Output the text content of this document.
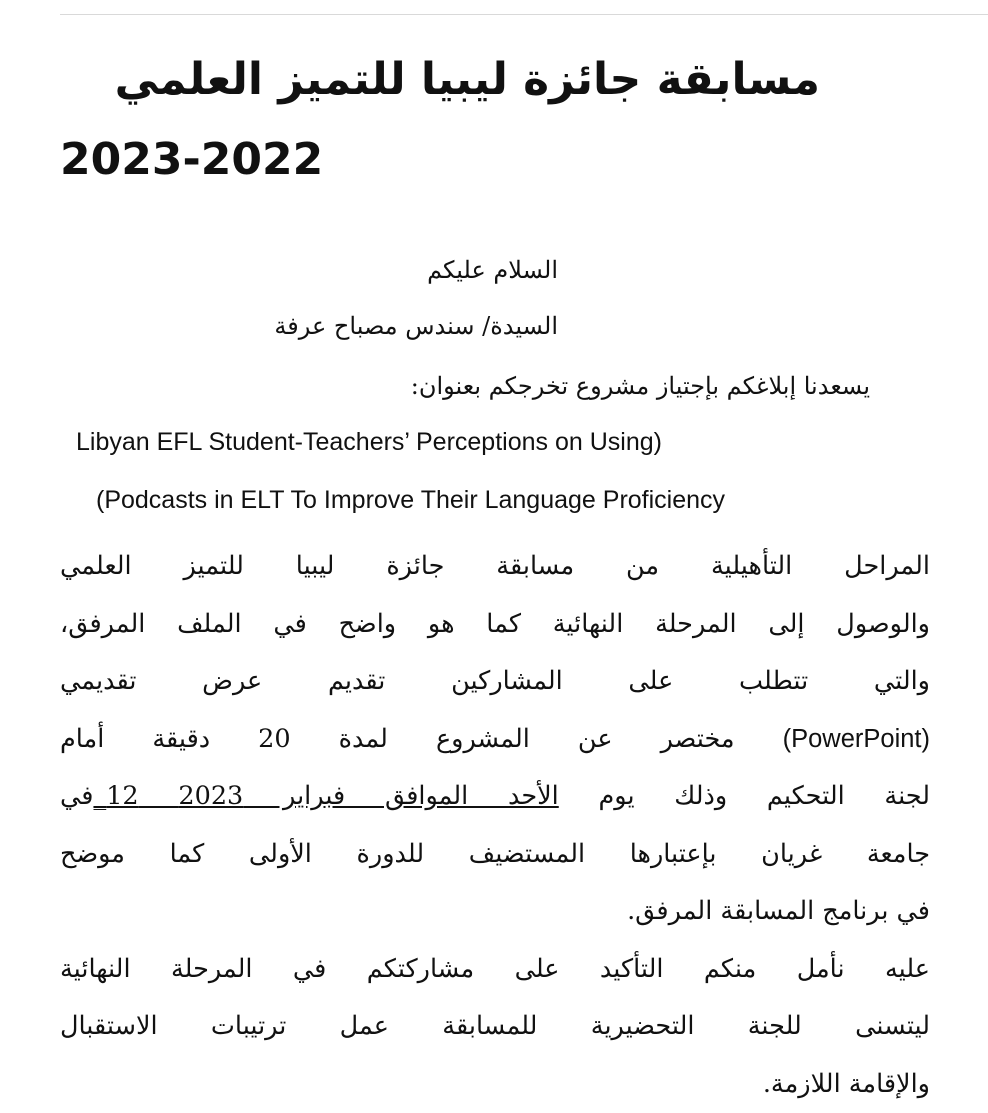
مسابقة جائزة ليبيا للتميز العلمي
2023-2022
السلام عليكم
السيدة/ سندس مصباح عرفة
يسعدنا إبلاغكم بإجتياز مشروع تخرجكم بعنوان:
Libyan EFL Student-Teachers’ Perceptions on Using)
(Podcasts in ELT To Improve Their Language Proficiency

المراحل التأهيلية من مسابقة جائزة ليبيا للتميز العلمي
والوصول إلى المرحلة النهائية كما هو واضح في الملف المرفق،
والتي تتطلب على المشاركين تقديم عرض تقديمي
(PowerPoint) مختصر عن المشروع لمدة 20 دقيقة أمام
لجنة التحكيم وذلك يوم الأحد الموافق فبراير 2023 12_في
جامعة غريان بإعتبارها المستضيف للدورة الأولى كما موضح
في برنامج المسابقة المرفق.
عليه نأمل منكم التأكيد على مشاركتكم في المرحلة النهائية
ليتسنى للجنة التحضيرية للمسابقة عمل ترتيبات الاستقبال
والإقامة اللازمة.
